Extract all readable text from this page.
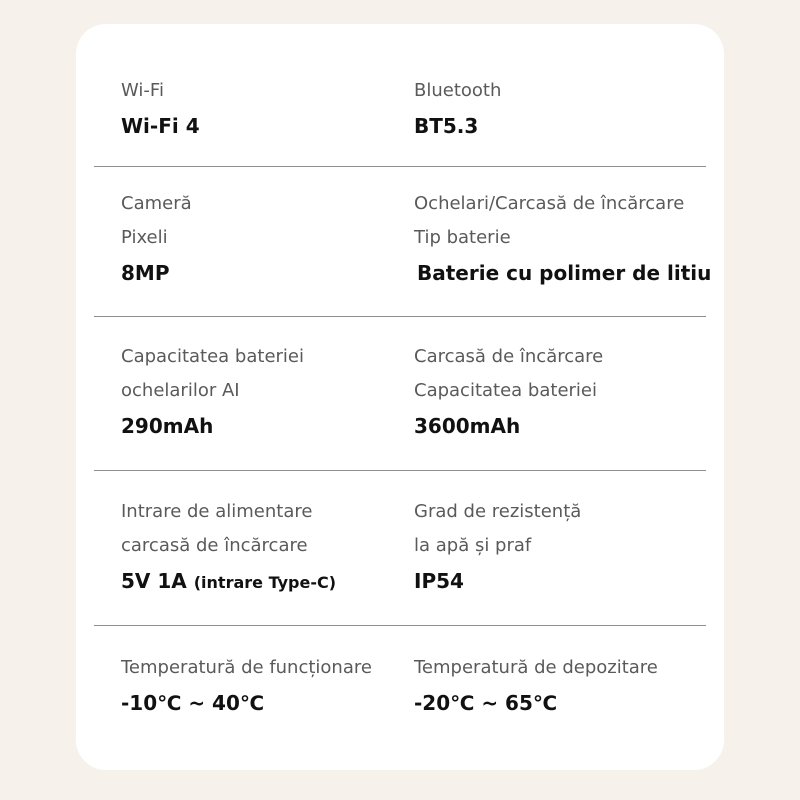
Wi-Fi
Wi-Fi 4
Bluetooth
BT5.3
Cameră
Pixeli
8MP
Ochelari/Carcasă de încărcare
Tip baterie
Baterie cu polimer de litiu
Capacitatea bateriei
ochelarilor AI
290mAh
Carcasă de încărcare
Capacitatea bateriei
3600mAh
Intrare de alimentare
carcasă de încărcare
5V 1A (intrare Type-C)
Grad de rezistență
la apă și praf
IP54
Temperatură de funcționare
-10℃ ~ 40℃
Temperatură de depozitare
-20℃ ~ 65℃
